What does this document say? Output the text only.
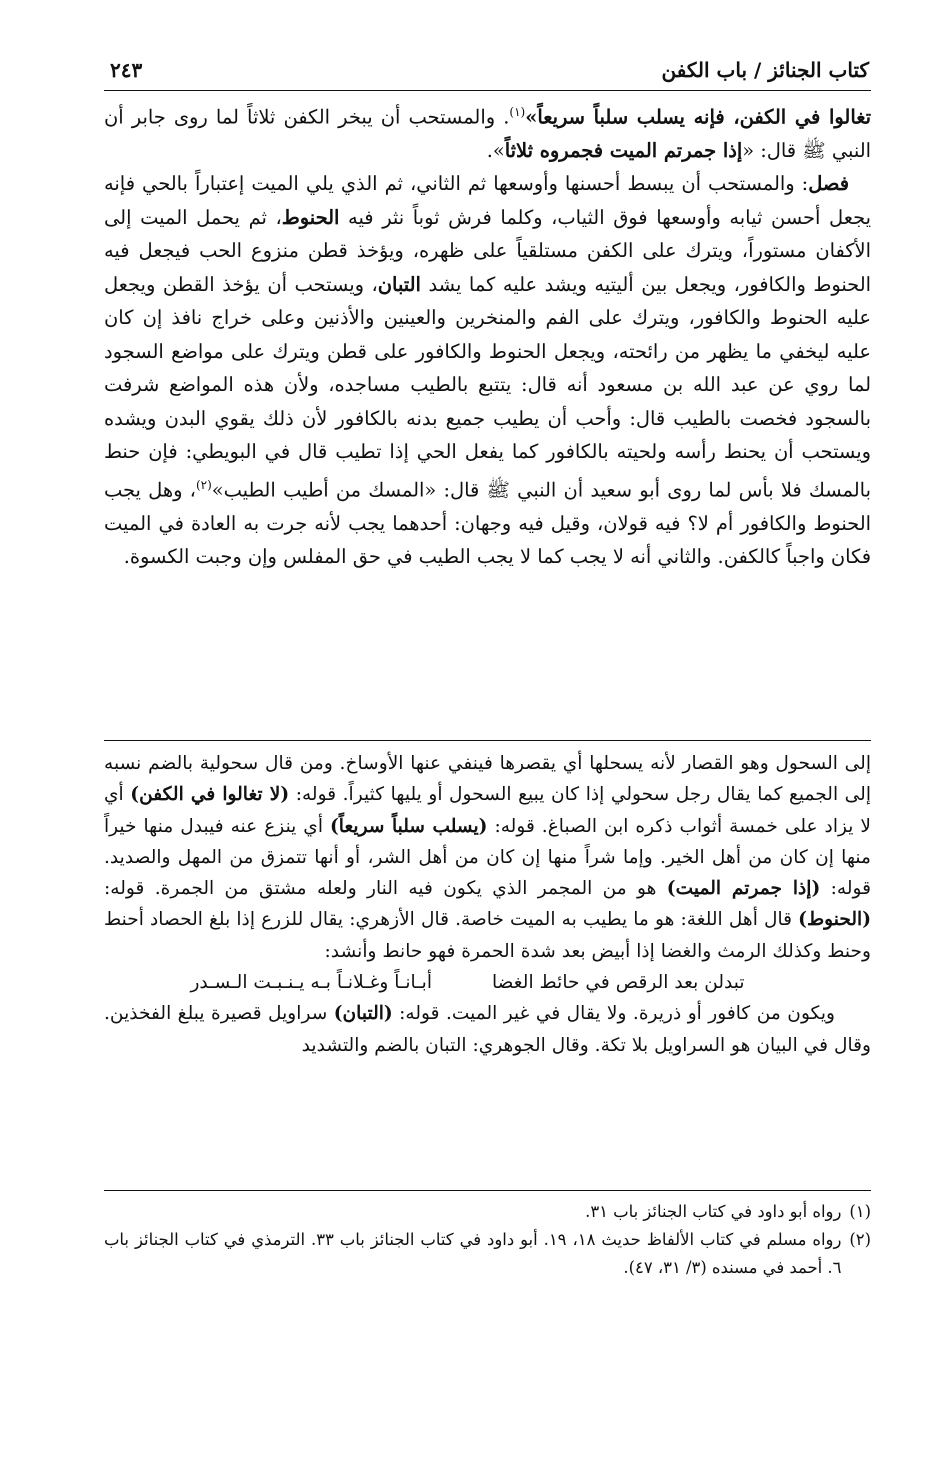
كتاب الجنائز / باب الكفن
٢٤٣

تغالوا في الكفن، فإنه يسلب سلباً سريعاً»$^{(١)}$. والمستحب أن يبخر الكفن ثلاثاً لما روى جابر أن النبي ﷺ قال: «إذا جمرتم الميت فجمروه ثلاثاً».

فصل: والمستحب أن يبسط أحسنها وأوسعها ثم الثاني، ثم الذي يلي الميت إعتباراً بالحي فإنه يجعل أحسن ثيابه وأوسعها فوق الثياب، وكلما فرش ثوباً نثر فيه الحنوط، ثم يحمل الميت إلى الأكفان مستوراً، ويترك على الكفن مستلقياً على ظهره، ويؤخذ قطن منزوع الحب فيجعل فيه الحنوط والكافور، ويجعل بين أليتيه ويشد عليه كما يشد التبان، ويستحب أن يؤخذ القطن ويجعل عليه الحنوط والكافور، ويترك على الفم والمنخرين والعينين والأذنين وعلى خراج نافذ إن كان عليه ليخفي ما يظهر من رائحته، ويجعل الحنوط والكافور على قطن ويترك على مواضع السجود لما روي عن عبد الله بن مسعود أنه قال: يتتبع بالطيب مساجده، ولأن هذه المواضع شرفت بالسجود فخصت بالطيب قال: وأحب أن يطيب جميع بدنه بالكافور لأن ذلك يقوي البدن ويشده ويستحب أن يحنط رأسه ولحيته بالكافور كما يفعل الحي إذا تطيب قال في البويطي: فإن حنط بالمسك فلا بأس لما روى أبو سعيد أن النبي ﷺ قال: «المسك من أطيب الطيب»$^{(٢)}$، وهل يجب الحنوط والكافور أم لا؟ فيه قولان، وقيل فيه وجهان: أحدهما يجب لأنه جرت به العادة في الميت فكان واجباً كالكفن. والثاني أنه لا يجب كما لا يجب الطيب في حق المفلس وإن وجبت الكسوة.

إلى السحول وهو القصار لأنه يسحلها أي يقصرها فينفي عنها الأوساخ. ومن قال سحولية بالضم نسبه إلى الجميع كما يقال رجل سحولي إذا كان يبيع السحول أو يليها كثيراً. قوله: (لا تغالوا في الكفن) أي لا يزاد على خمسة أثواب ذكره ابن الصباغ. قوله: (يسلب سلباً سريعاً) أي ينزع عنه فيبدل منها خيراً منها إن كان من أهل الخير. وإما شراً منها إن كان من أهل الشر، أو أنها تتمزق من المهل والصديد. قوله: (إذا جمرتم الميت) هو من المجمر الذي يكون فيه النار ولعله مشتق من الجمرة. قوله: (الحنوط) قال أهل اللغة: هو ما يطيب به الميت خاصة. قال الأزهري: يقال للزرع إذا بلغ الحصاد أحنط وحنط وكذلك الرمث والغضا إذا أبيض بعد شدة الحمرة فهو حانط وأنشد:

تبدلن بعد الرقص في حائط الغضا
أبـانـاً وغـلانـاً بـه يـنـبـت الـسـدر

ويكون من كافور أو ذريرة. ولا يقال في غير الميت. قوله: (التبان) سراويل قصيرة يبلغ الفخذين. وقال في البيان هو السراويل بلا تكة. وقال الجوهري: التبان بالضم والتشديد

(١)
رواه أبو داود في كتاب الجنائز باب ٣١.
(٢)
رواه مسلم في كتاب الألفاظ حديث ١٨، ١٩. أبو داود في كتاب الجنائز باب ٣٣. الترمذي في كتاب الجنائز باب ٦. أحمد في مسنده (٣/ ٣١، ٤٧).
